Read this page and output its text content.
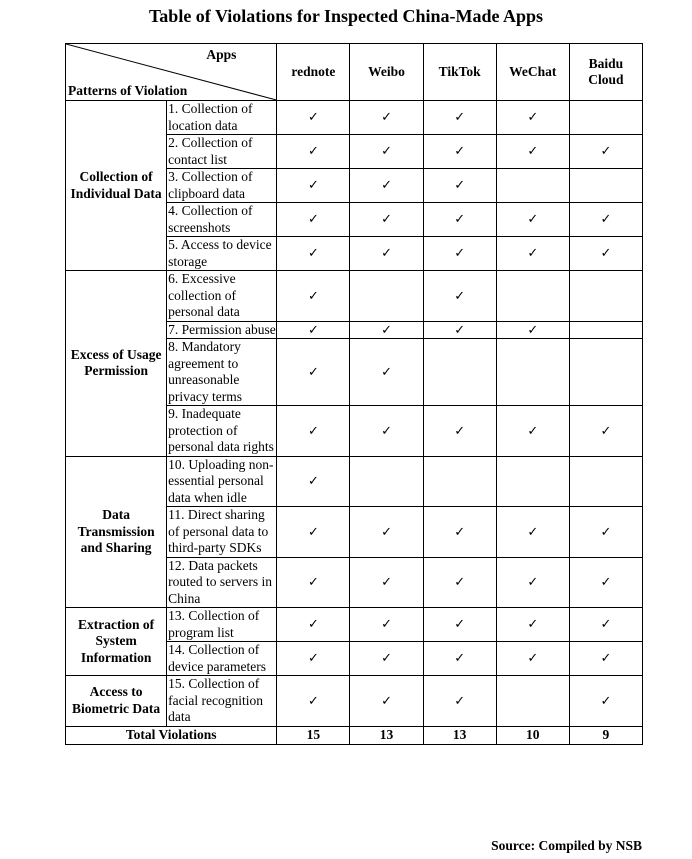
Table of Violations for Inspected China-Made Apps
Apps
Patterns of Violation		rednote	Weibo	TikTok	WeChat	Baidu Cloud
Collection of Individual Data	1. Collection of location data	✓	✓	✓	✓	
	2. Collection of contact list	✓	✓	✓	✓	✓
	3. Collection of clipboard data	✓	✓	✓		
	4. Collection of screenshots	✓	✓	✓	✓	✓
	5. Access to device storage	✓	✓	✓	✓	✓
Excess of Usage Permission	6. Excessive collection of personal data	✓		✓		
	7. Permission abuse	✓	✓	✓	✓	
	8. Mandatory agreement to unreasonable privacy terms	✓	✓			
	9. Inadequate protection of personal data rights	✓	✓	✓	✓	✓
Data Transmission and Sharing	10. Uploading non-essential personal data when idle	✓				
	11. Direct sharing of personal data to third-party SDKs	✓	✓	✓	✓	✓
	12. Data packets routed to servers in China	✓	✓	✓	✓	✓
Extraction of System Information	13. Collection of program list	✓	✓	✓	✓	✓
	14. Collection of device parameters	✓	✓	✓	✓	✓
Access to Biometric Data	15. Collection of facial recognition data	✓	✓	✓		✓
Total Violations		15	13	13	10	9
Source: Compiled by NSB
